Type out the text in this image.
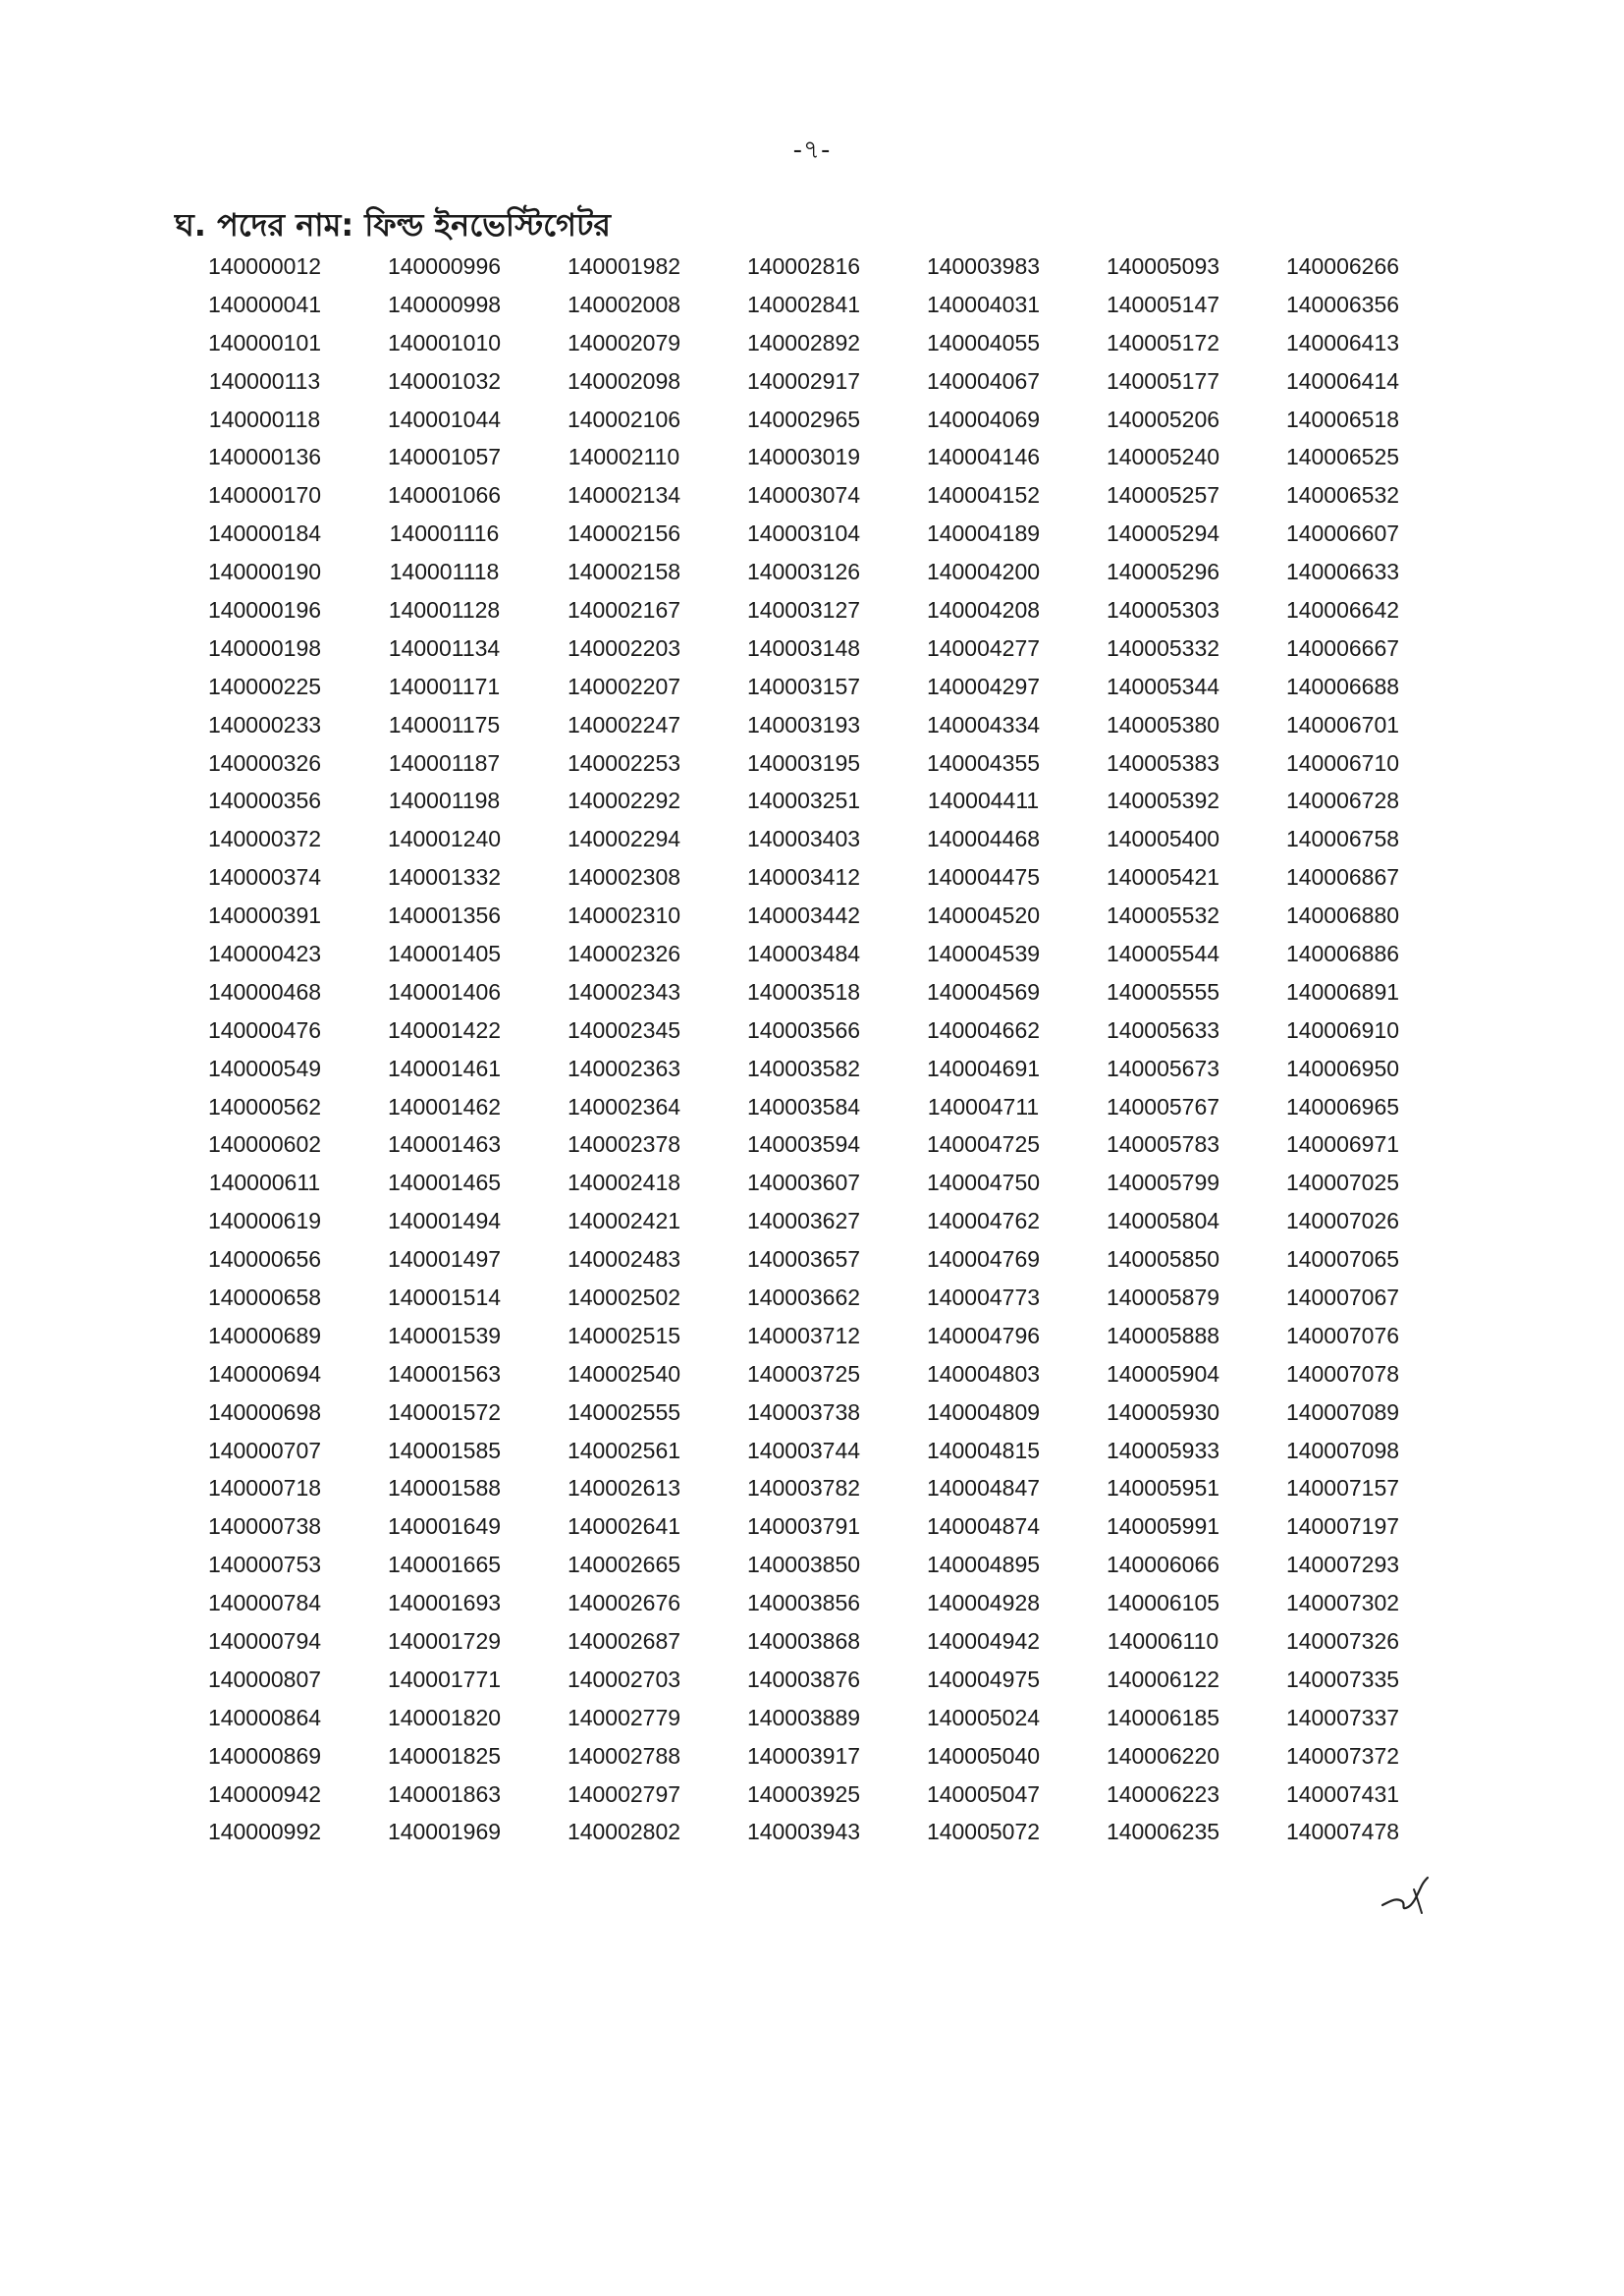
-৭-
ঘ. পদের নাম: ফিল্ড ইনভেস্টিগেটর
140000012	140000996	140001982	140002816	140003983	140005093	140006266
140000041	140000998	140002008	140002841	140004031	140005147	140006356
140000101	140001010	140002079	140002892	140004055	140005172	140006413
140000113	140001032	140002098	140002917	140004067	140005177	140006414
140000118	140001044	140002106	140002965	140004069	140005206	140006518
140000136	140001057	140002110	140003019	140004146	140005240	140006525
140000170	140001066	140002134	140003074	140004152	140005257	140006532
140000184	140001116	140002156	140003104	140004189	140005294	140006607
140000190	140001118	140002158	140003126	140004200	140005296	140006633
140000196	140001128	140002167	140003127	140004208	140005303	140006642
140000198	140001134	140002203	140003148	140004277	140005332	140006667
140000225	140001171	140002207	140003157	140004297	140005344	140006688
140000233	140001175	140002247	140003193	140004334	140005380	140006701
140000326	140001187	140002253	140003195	140004355	140005383	140006710
140000356	140001198	140002292	140003251	140004411	140005392	140006728
140000372	140001240	140002294	140003403	140004468	140005400	140006758
140000374	140001332	140002308	140003412	140004475	140005421	140006867
140000391	140001356	140002310	140003442	140004520	140005532	140006880
140000423	140001405	140002326	140003484	140004539	140005544	140006886
140000468	140001406	140002343	140003518	140004569	140005555	140006891
140000476	140001422	140002345	140003566	140004662	140005633	140006910
140000549	140001461	140002363	140003582	140004691	140005673	140006950
140000562	140001462	140002364	140003584	140004711	140005767	140006965
140000602	140001463	140002378	140003594	140004725	140005783	140006971
140000611	140001465	140002418	140003607	140004750	140005799	140007025
140000619	140001494	140002421	140003627	140004762	140005804	140007026
140000656	140001497	140002483	140003657	140004769	140005850	140007065
140000658	140001514	140002502	140003662	140004773	140005879	140007067
140000689	140001539	140002515	140003712	140004796	140005888	140007076
140000694	140001563	140002540	140003725	140004803	140005904	140007078
140000698	140001572	140002555	140003738	140004809	140005930	140007089
140000707	140001585	140002561	140003744	140004815	140005933	140007098
140000718	140001588	140002613	140003782	140004847	140005951	140007157
140000738	140001649	140002641	140003791	140004874	140005991	140007197
140000753	140001665	140002665	140003850	140004895	140006066	140007293
140000784	140001693	140002676	140003856	140004928	140006105	140007302
140000794	140001729	140002687	140003868	140004942	140006110	140007326
140000807	140001771	140002703	140003876	140004975	140006122	140007335
140000864	140001820	140002779	140003889	140005024	140006185	140007337
140000869	140001825	140002788	140003917	140005040	140006220	140007372
140000942	140001863	140002797	140003925	140005047	140006223	140007431
140000992	140001969	140002802	140003943	140005072	140006235	140007478
